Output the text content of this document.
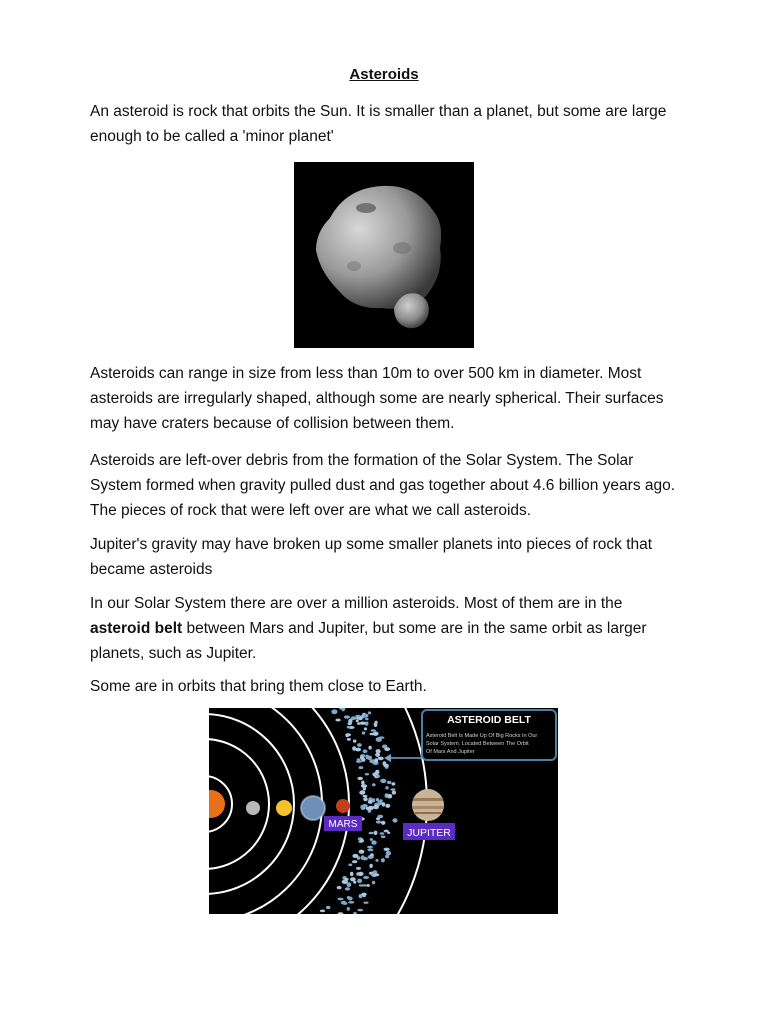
Asteroids

An asteroid is rock that orbits the Sun. It is smaller than a planet, but some are large enough to be called a 'minor planet'

Asteroids can range in size from less than 10m to over 500 km in diameter. Most asteroids are irregularly shaped, although some are nearly spherical. Their surfaces may have craters because of collision between them.

Asteroids are left-over debris from the formation of the Solar System. The Solar System formed when gravity pulled dust and gas together about 4.6 billion years ago. The pieces of rock that were left over are what we call asteroids.

Jupiter's gravity may have broken up some smaller planets into pieces of rock that became asteroids

In our Solar System there are over a million asteroids. Most of them are in the asteroid belt between Mars and Jupiter, but some are in the same orbit as larger planets, such as Jupiter.

Some are in orbits that bring them close to Earth.

ASTEROID BELT
Asteroid Belt Is Made Up Of Big Rocks In Our
Solar System. Located Between The Orbit
Of Mars And Jupiter
MARS
JUPITER
